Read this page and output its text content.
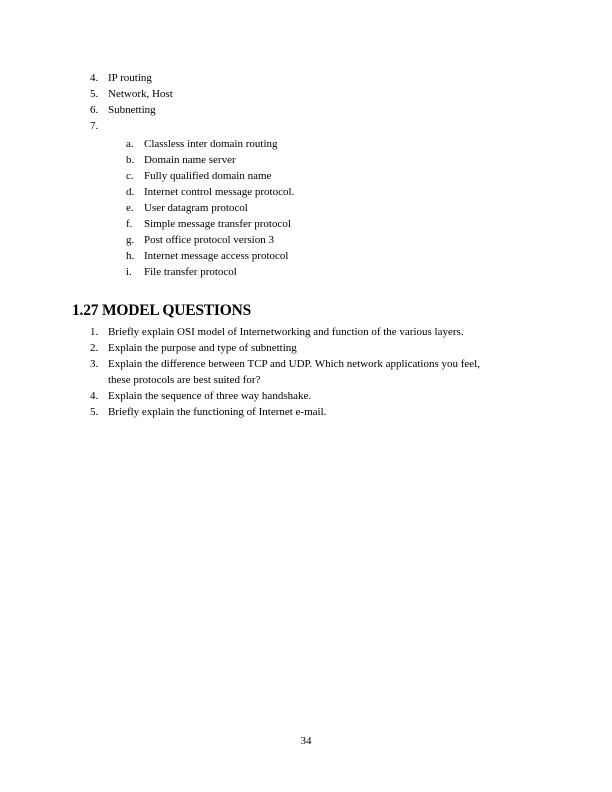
4. IP routing
5. Network, Host
6. Subnetting
7.
a. Classless inter domain routing
b. Domain name server
c. Fully qualified domain name
d. Internet control message protocol.
e. User datagram protocol
f.	Simple message transfer protocol
g. Post office protocol version 3
h. Internet message access protocol
i.	File transfer protocol
1.27 MODEL QUESTIONS
1. Briefly explain OSI model of Internetworking and function of the various layers.
2. Explain the purpose and type of subnetting
3. Explain the difference between TCP and UDP. Which network applications you feel,
these protocols are best suited for?
4. Explain the sequence of three way handshake.
5. Briefly explain the functioning of Internet e-mail.
34
